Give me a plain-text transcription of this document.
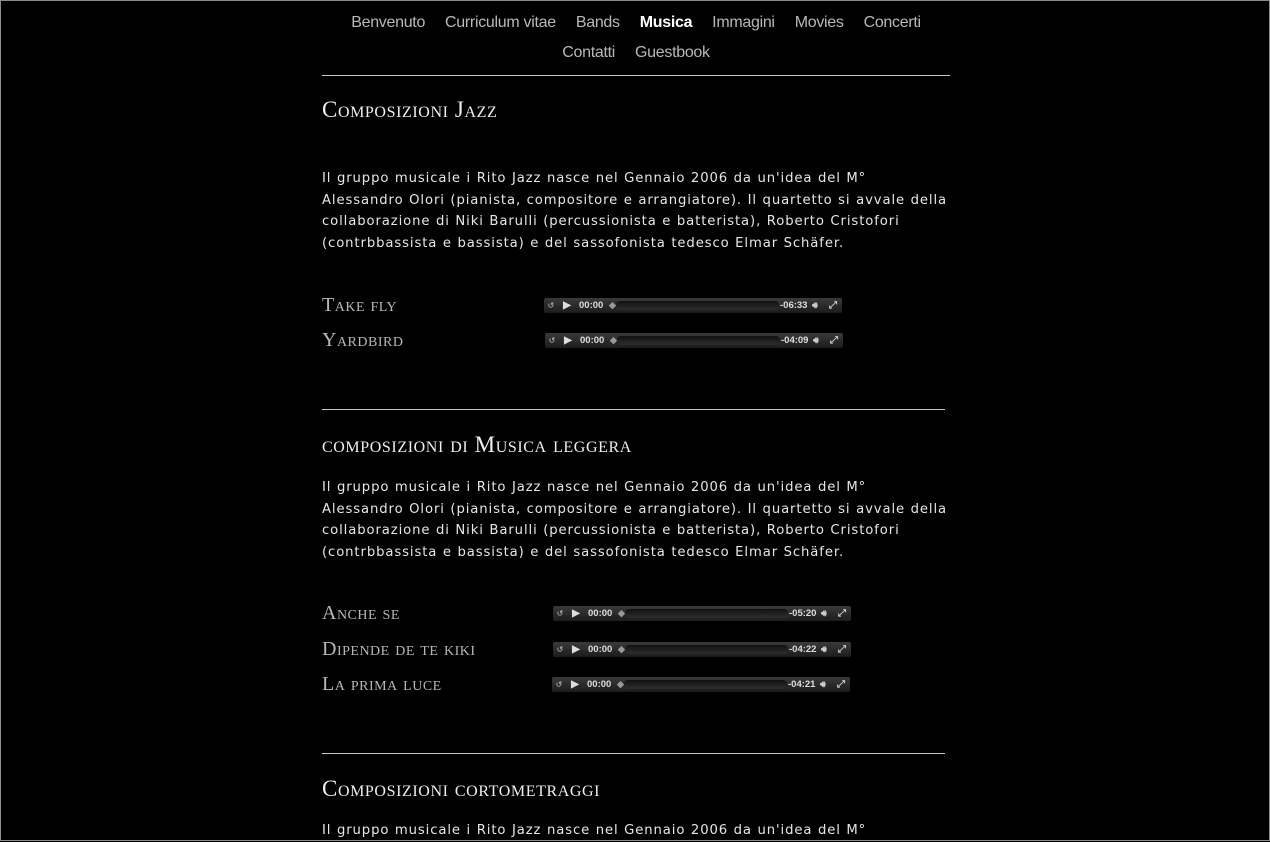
Benvenuto Curriculum vitae Bands Musica Immagini Movies Concerti
Contatti Guestbook
Composizioni Jazz
Il gruppo musicale i Rito Jazz nasce nel Gennaio 2006 da un'idea del M° Alessandro Olori (pianista, compositore e arrangiatore). Il quartetto si avvale della collaborazione di Niki Barulli (percussionista e batterista), Roberto Cristofori (contrbbassista e bassista) e del sassofonista tedesco Elmar Schäfer.
Take fly	↺ ▶ 00:00 ◆	-06:33 🔊︎ ⤢
Yardbird	↺ ▶ 00:00 ◆	-04:09 🔊︎ ⤢
composizioni di Musica leggera
Il gruppo musicale i Rito Jazz nasce nel Gennaio 2006 da un'idea del M° Alessandro Olori (pianista, compositore e arrangiatore). Il quartetto si avvale della collaborazione di Niki Barulli (percussionista e batterista), Roberto Cristofori (contrbbassista e bassista) e del sassofonista tedesco Elmar Schäfer.
Anche se	↺ ▶ 00:00 ◆	-05:20 🔊︎ ⤢
Dipende de te kiki	↺ ▶ 00:00 ◆	-04:22 🔊︎ ⤢
La prima luce	↺ ▶ 00:00 ◆	-04:21 🔊︎ ⤢
Composizioni cortometraggi
Il gruppo musicale i Rito Jazz nasce nel Gennaio 2006 da un'idea del M°
